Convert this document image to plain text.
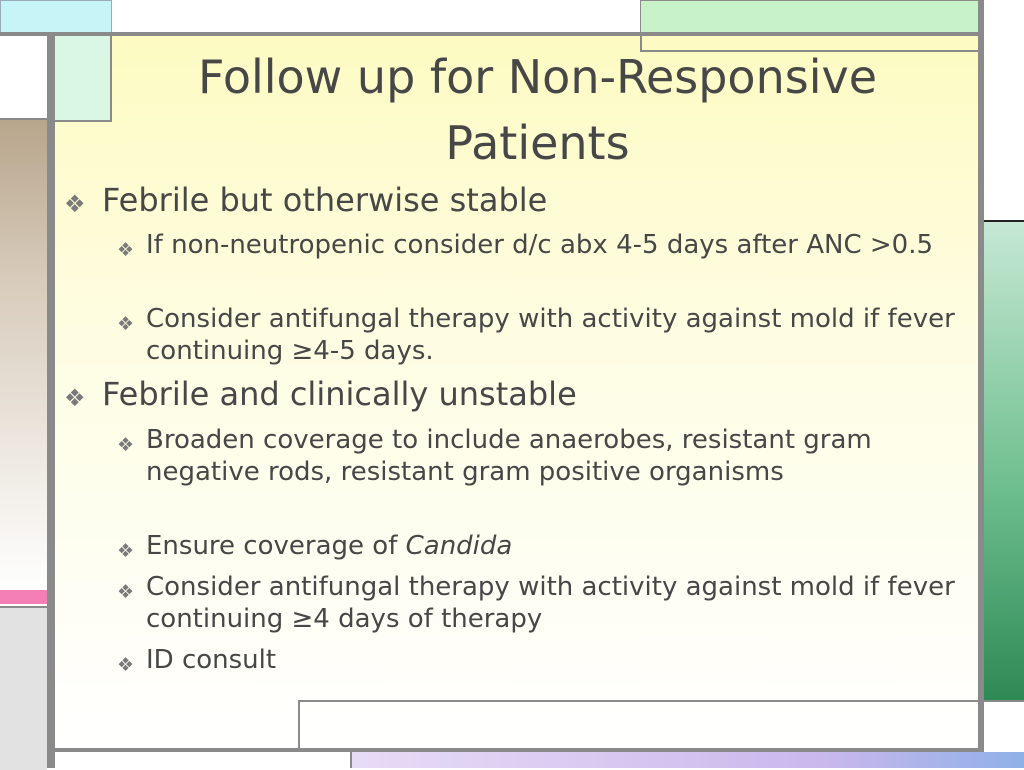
Follow up for Non-Responsive Patients
❖ Febrile but otherwise stable
❖ If non-neutropenic consider d/c abx 4-5 days after ANC >0.5
❖ Consider antifungal therapy with activity against mold if fever continuing ≥4-5 days.
❖ Febrile and clinically unstable
❖ Broaden coverage to include anaerobes, resistant gram negative rods, resistant gram positive organisms
❖ Ensure coverage of Candida
❖ Consider antifungal therapy with activity against mold if fever continuing ≥4 days of therapy
❖ ID consult
